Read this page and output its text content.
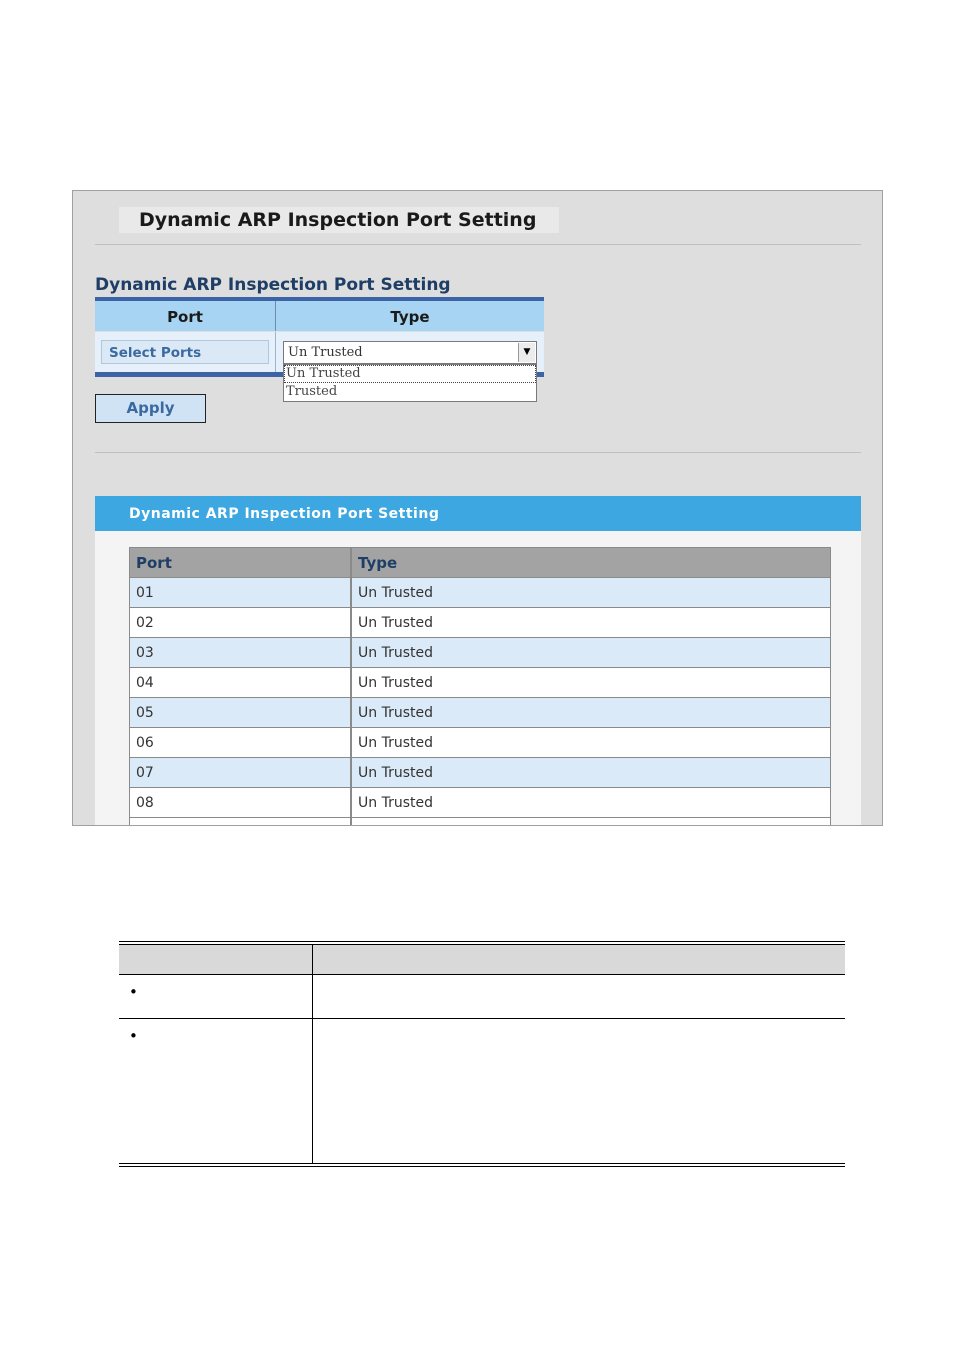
Dynamic ARP Inspection Port Setting
Dynamic ARP Inspection Port Setting
Port	Type
Select Ports	Un Trusted	▼
Un Trusted
Trusted
Apply
Dynamic ARP Inspection Port Setting
Port	Type
01	Un Trusted
02	Un Trusted
03	Un Trusted
04	Un Trusted
05	Un Trusted
06	Un Trusted
07	Un Trusted
08	Un Trusted
•
•
